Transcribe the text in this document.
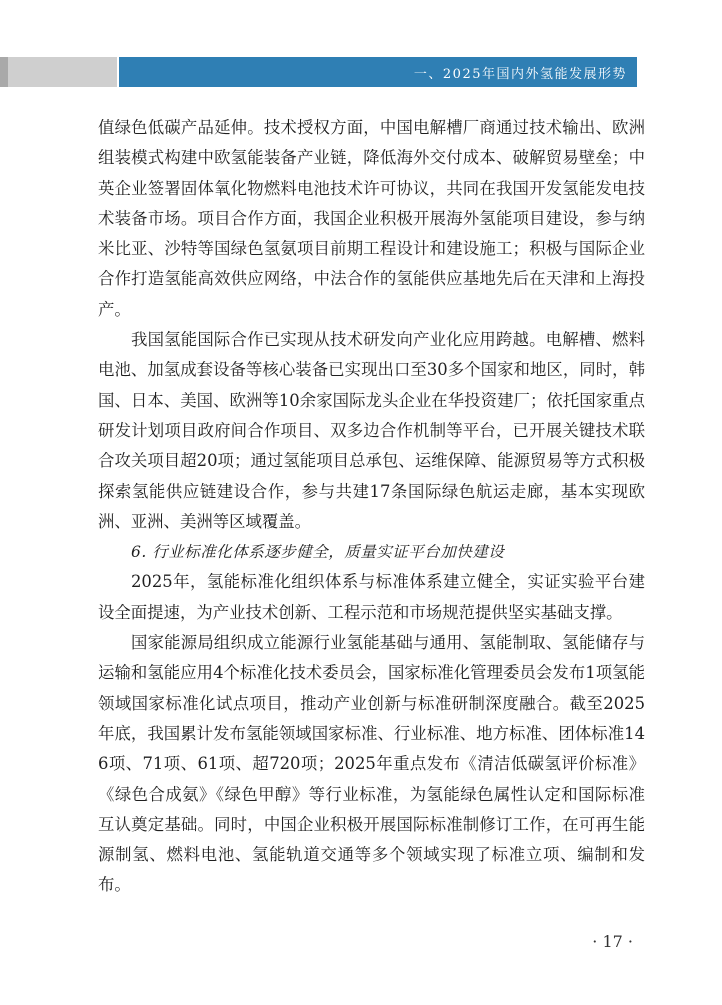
一、2025年国内外氢能发展形势

值绿色低碳产品延伸。技术授权方面，中国电解槽厂商通过技术输出、欧洲组装模式构建中欧氢能装备产业链，降低海外交付成本、破解贸易壁垒；中英企业签署固体氧化物燃料电池技术许可协议，共同在我国开发氢能发电技术装备市场。项目合作方面，我国企业积极开展海外氢能项目建设，参与纳米比亚、沙特等国绿色氢氨项目前期工程设计和建设施工；积极与国际企业合作打造氢能高效供应网络，中法合作的氢能供应基地先后在天津和上海投产。

我国氢能国际合作已实现从技术研发向产业化应用跨越。电解槽、燃料电池、加氢成套设备等核心装备已实现出口至30多个国家和地区，同时，韩国、日本、美国、欧洲等10余家国际龙头企业在华投资建厂；依托国家重点研发计划项目政府间合作项目、双多边合作机制等平台，已开展关键技术联合攻关项目超20项；通过氢能项目总承包、运维保障、能源贸易等方式积极探索氢能供应链建设合作，参与共建17条国际绿色航运走廊，基本实现欧洲、亚洲、美洲等区域覆盖。

6. 行业标准化体系逐步健全，质量实证平台加快建设

2025年，氢能标准化组织体系与标准体系建立健全，实证实验平台建设全面提速，为产业技术创新、工程示范和市场规范提供坚实基础支撑。

国家能源局组织成立能源行业氢能基础与通用、氢能制取、氢能储存与运输和氢能应用4个标准化技术委员会，国家标准化管理委员会发布1项氢能领域国家标准化试点项目，推动产业创新与标准研制深度融合。截至2025年底，我国累计发布氢能领域国家标准、行业标准、地方标准、团体标准146项、71项、61项、超720项；2025年重点发布《清洁低碳氢评价标准》《绿色合成氨》《绿色甲醇》等行业标准，为氢能绿色属性认定和国际标准互认奠定基础。同时，中国企业积极开展国际标准制修订工作，在可再生能源制氢、燃料电池、氢能轨道交通等多个领域实现了标准立项、编制和发布。

· 17 ·
